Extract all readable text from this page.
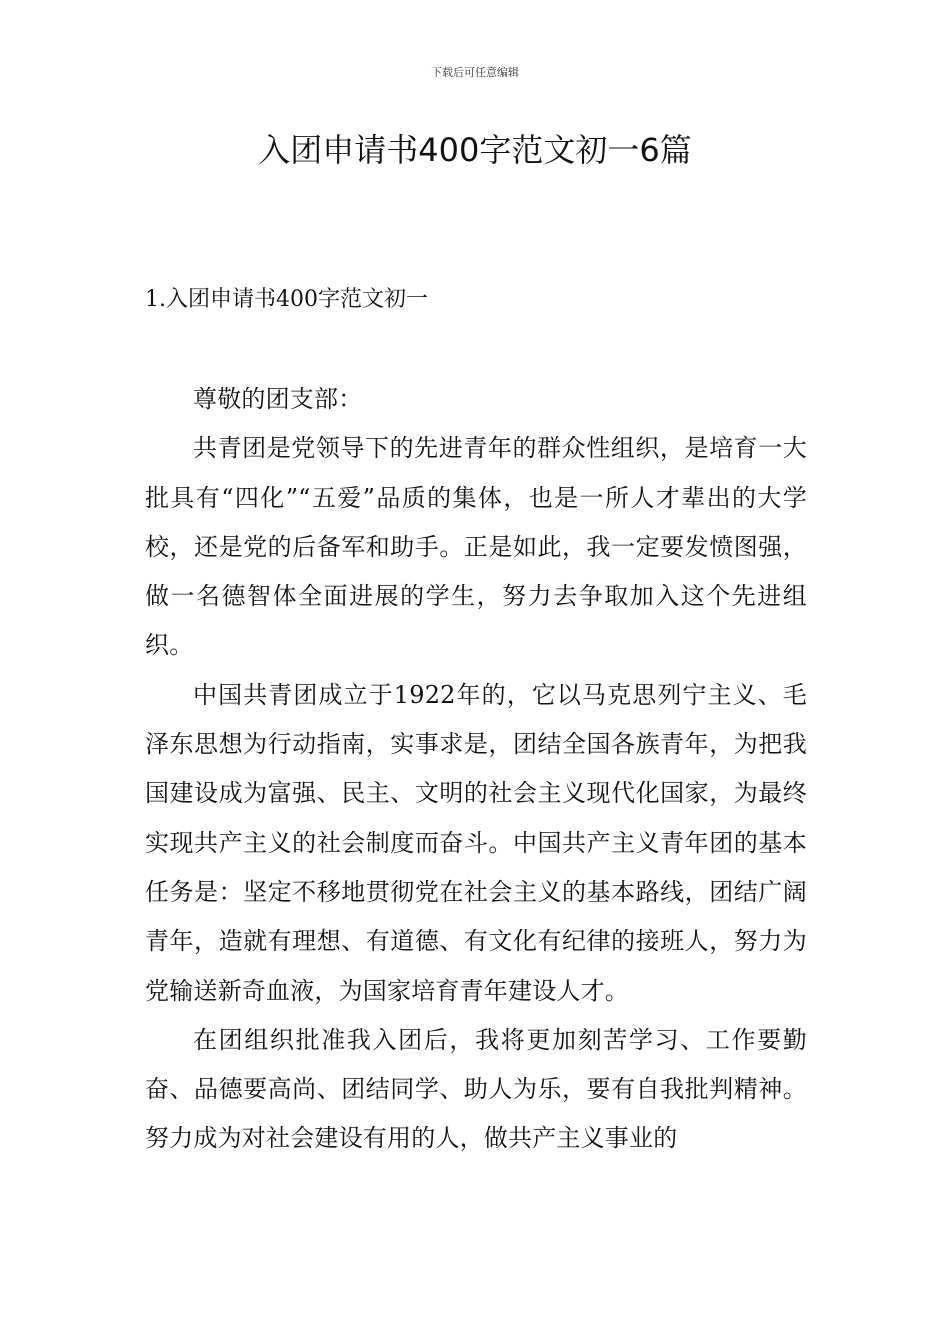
下载后可任意编辑
入团申请书400字范文初一6篇
1.入团申请书400字范文初一

尊敬的团支部：

共青团是党领导下的先进青年的群众性组织，是培育一大批具有“四化”“五爱”品质的集体，也是一所人才辈出的大学校，还是党的后备军和助手。正是如此，我一定要发愤图强，做一名德智体全面进展的学生，努力去争取加入这个先进组织。

中国共青团成立于1922年的，它以马克思列宁主义、毛泽东思想为行动指南，实事求是，团结全国各族青年，为把我国建设成为富强、民主、文明的社会主义现代化国家，为最终实现共产主义的社会制度而奋斗。中国共产主义青年团的基本任务是：坚定不移地贯彻党在社会主义的基本路线，团结广阔青年，造就有理想、有道德、有文化有纪律的接班人，努力为党输送新奇血液，为国家培育青年建设人才。

在团组织批准我入团后，我将更加刻苦学习、工作要勤奋、品德要高尚、团结同学、助人为乐，要有自我批判精神。努力成为对社会建设有用的人，做共产主义事业的
